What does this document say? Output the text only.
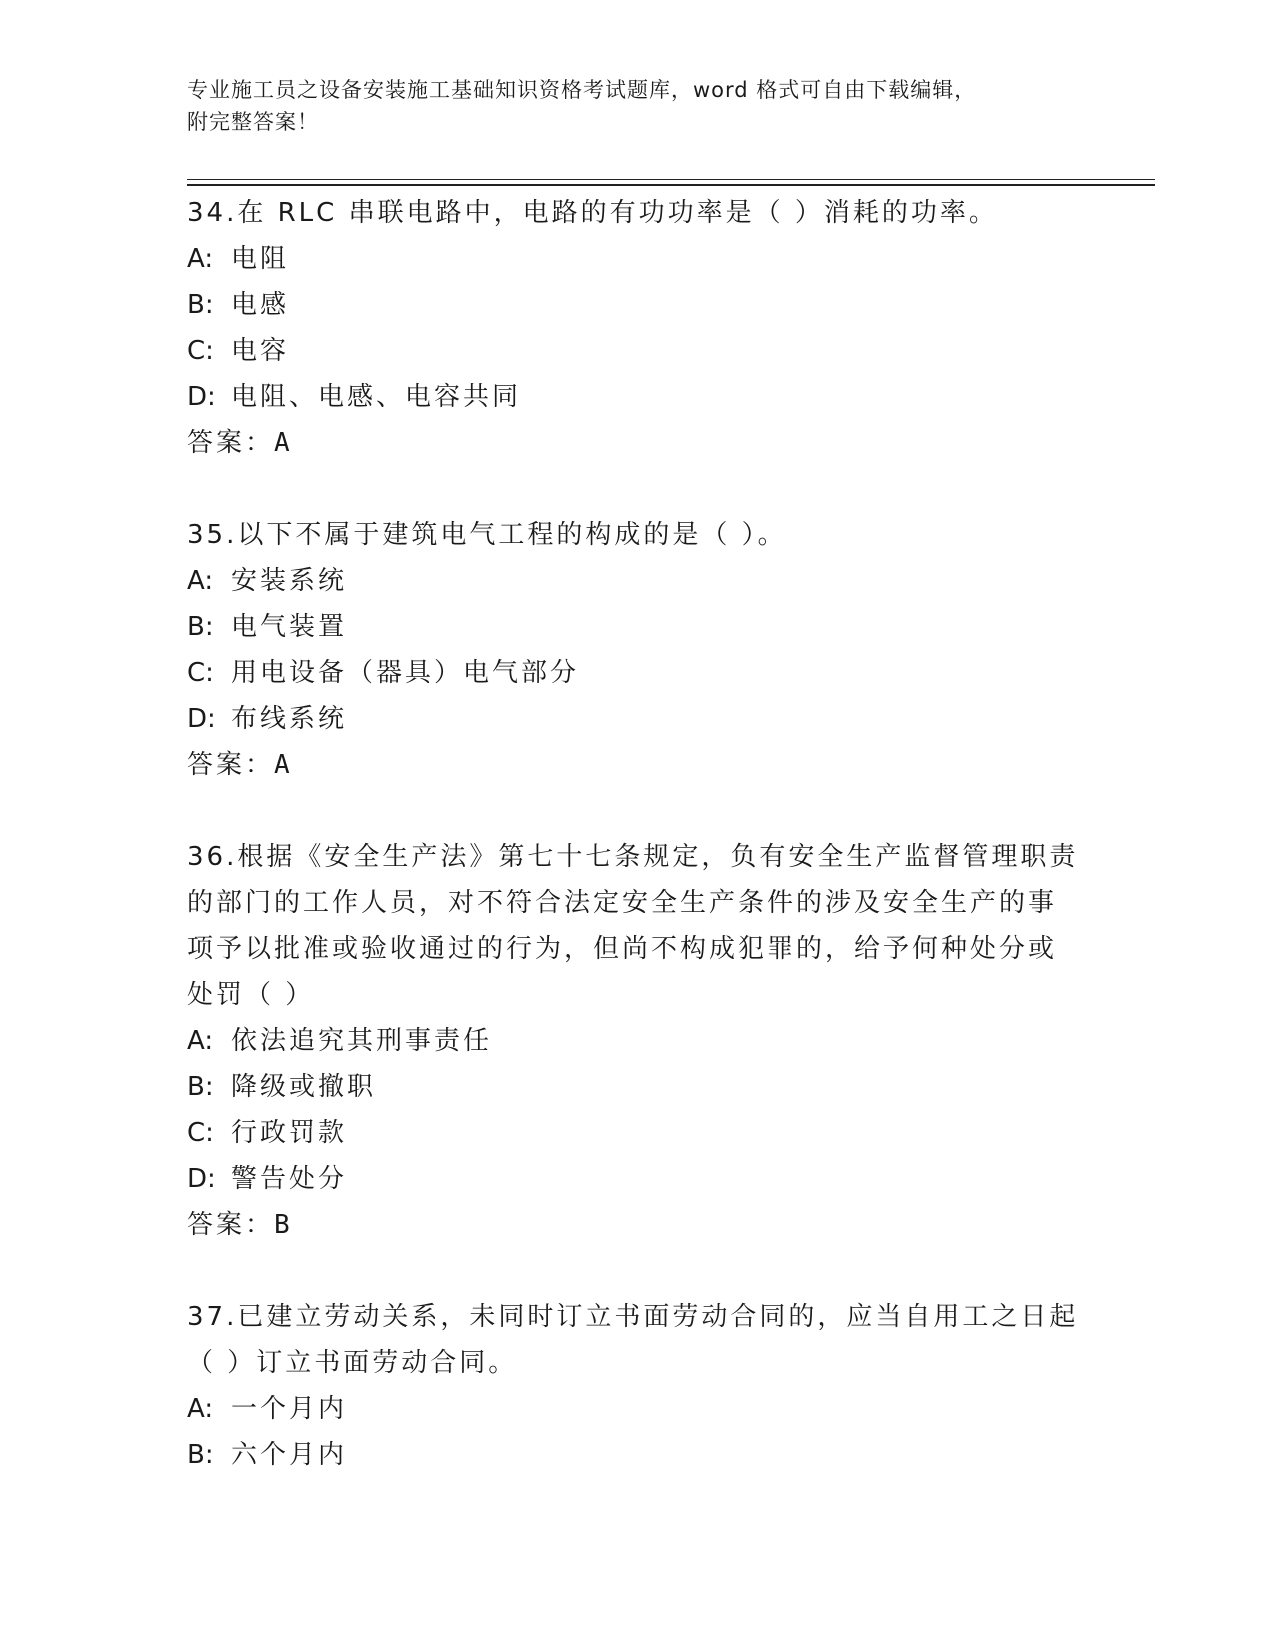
专业施工员之设备安装施工基础知识资格考试题库，word 格式可自由下载编辑，
附完整答案！
34.在 RLC 串联电路中，电路的有功功率是（ ）消耗的功率。
A: 电阻
B: 电感
C: 电容
D: 电阻、电感、电容共同
答案：A
35.以下不属于建筑电气工程的构成的是（ ）。
A: 安装系统
B: 电气装置
C: 用电设备（器具）电气部分
D: 布线系统
答案：A
36.根据《安全生产法》第七十七条规定，负有安全生产监督管理职责
的部门的工作人员，对不符合法定安全生产条件的涉及安全生产的事
项予以批准或验收通过的行为，但尚不构成犯罪的，给予何种处分或
处罚（ ）
A: 依法追究其刑事责任
B: 降级或撤职
C: 行政罚款
D: 警告处分
答案：B
37.已建立劳动关系，未同时订立书面劳动合同的，应当自用工之日起
（ ）订立书面劳动合同。
A: 一个月内
B: 六个月内
